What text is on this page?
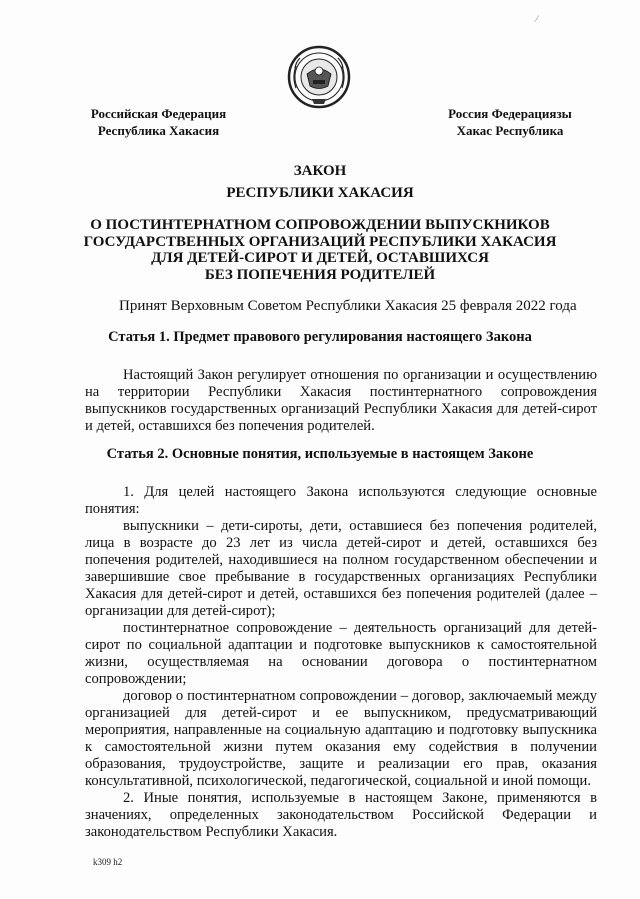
⁄
Российская Федерация
Республика Хакасия
Россия Федерациязы
Хакас Республика
ЗАКОН
РЕСПУБЛИКИ ХАКАСИЯ
О ПОСТИНТЕРНАТНОМ СОПРОВОЖДЕНИИ ВЫПУСКНИКОВ
ГОСУДАРСТВЕННЫХ ОРГАНИЗАЦИЙ РЕСПУБЛИКИ ХАКАСИЯ
ДЛЯ ДЕТЕЙ-СИРОТ И ДЕТЕЙ, ОСТАВШИХСЯ
БЕЗ ПОПЕЧЕНИЯ РОДИТЕЛЕЙ
Принят Верховным Советом Республики Хакасия 25 февраля 2022 года
Статья 1. Предмет правового регулирования настоящего Закона

Настоящий Закон регулирует отношения по организации и осуществлению на территории Республики Хакасия постинтернатного сопровождения выпускников государственных организаций Республики Хакасия для детей-сирот и детей, оставшихся без попечения родителей.

Статья 2. Основные понятия, используемые в настоящем Законе

1. Для целей настоящего Закона используются следующие основные понятия:

выпускники – дети-сироты, дети, оставшиеся без попечения родителей, лица в возрасте до 23 лет из числа детей-сирот и детей, оставшихся без попечения родителей, находившиеся на полном государственном обеспечении и завершившие свое пребывание в государственных организациях Республики Хакасия для детей-сирот и детей, оставшихся без попечения родителей (далее – организации для детей-сирот);

постинтернатное сопровождение – деятельность организаций для детей-сирот по социальной адаптации и подготовке выпускников к самостоятельной жизни, осуществляемая на основании договора о постинтернатном сопровождении;

договор о постинтернатном сопровождении – договор, заключаемый между организацией для детей-сирот и ее выпускником, предусматривающий мероприятия, направленные на социальную адаптацию и подготовку выпускника к самостоятельной жизни путем оказания ему содействия в получении образования, трудоустройстве, защите и реализации его прав, оказания консультативной, психологической, педагогической, социальной и иной помощи.

2. Иные понятия, используемые в настоящем Законе, применяются в значениях, определенных законодательством Российской Федерации и законодательством Республики Хакасия.

k309 h2
